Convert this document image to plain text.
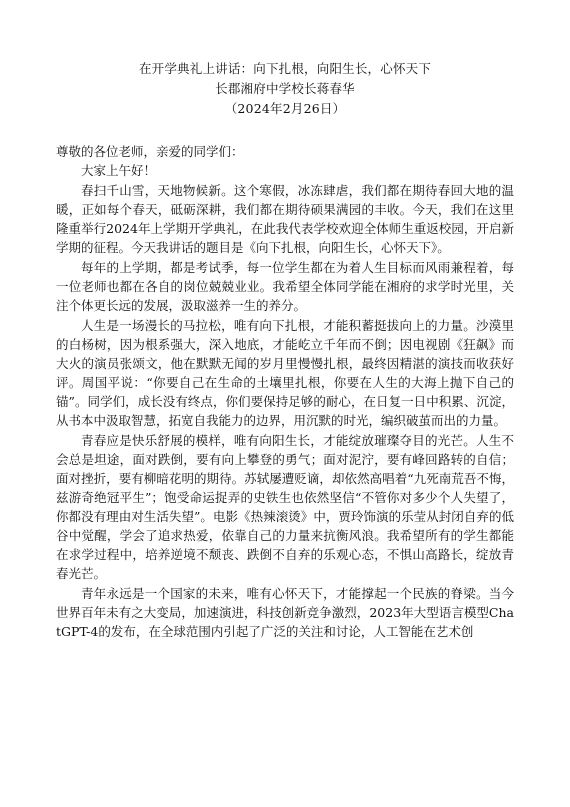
在开学典礼上讲话：向下扎根，向阳生长，心怀天下
长郡湘府中学校长蒋春华
（2024年2月26日）

尊敬的各位老师，亲爱的同学们：

大家上午好！

春扫千山雪，天地物候新。这个寒假，冰冻肆虐，我们都在期待春回大地的温暖，正如每个春天，砥砺深耕，我们都在期待硕果满园的丰收。今天，我们在这里隆重举行2024年上学期开学典礼，在此我代表学校欢迎全体师生重返校园，开启新学期的征程。今天我讲话的题目是《向下扎根，向阳生长，心怀天下》。

每年的上学期，都是考试季，每一位学生都在为着人生目标而风雨兼程着，每一位老师也都在各自的岗位兢兢业业。我希望全体同学能在湘府的求学时光里，关注个体更长远的发展，汲取滋养一生的养分。

人生是一场漫长的马拉松，唯有向下扎根，才能积蓄挺拔向上的力量。沙漠里的白杨树，因为根系强大，深入地底，才能屹立千年而不倒；因电视剧《狂飙》而大火的演员张颂文，他在默默无闻的岁月里慢慢扎根，最终因精湛的演技而收获好评。周国平说：“你要自己在生命的土壤里扎根，你要在人生的大海上抛下自己的锚”。同学们，成长没有终点，你们要保持足够的耐心，在日复一日中积累、沉淀，从书本中汲取智慧，拓宽自我能力的边界，用沉默的时光，编织破茧而出的力量。

青春应是快乐舒展的模样，唯有向阳生长，才能绽放璀璨夺目的光芒。人生不会总是坦途，面对跌倒，要有向上攀登的勇气；面对泥泞，要有峰回路转的自信；面对挫折，要有柳暗花明的期待。苏轼屡遭贬谪，却依然高唱着“九死南荒吾不悔，兹游奇绝冠平生”；饱受命运捉弄的史铁生也依然坚信“不管你对多少个人失望了，你都没有理由对生活失望”。电影《热辣滚烫》中，贾玲饰演的乐莹从封闭自弃的低谷中觉醒，学会了追求热爱，依靠自己的力量来抗衡风浪。我希望所有的学生都能在求学过程中，培养逆境不颓丧、跌倒不自弃的乐观心态，不惧山高路长，绽放青春光芒。

青年永远是一个国家的未来，唯有心怀天下，才能撑起一个民族的脊梁。当今世界百年未有之大变局，加速演进，科技创新竞争激烈，2023年大型语言模型ChatGPT-4的发布，在全球范围内引起了广泛的关注和讨论，人工智能在艺术创
